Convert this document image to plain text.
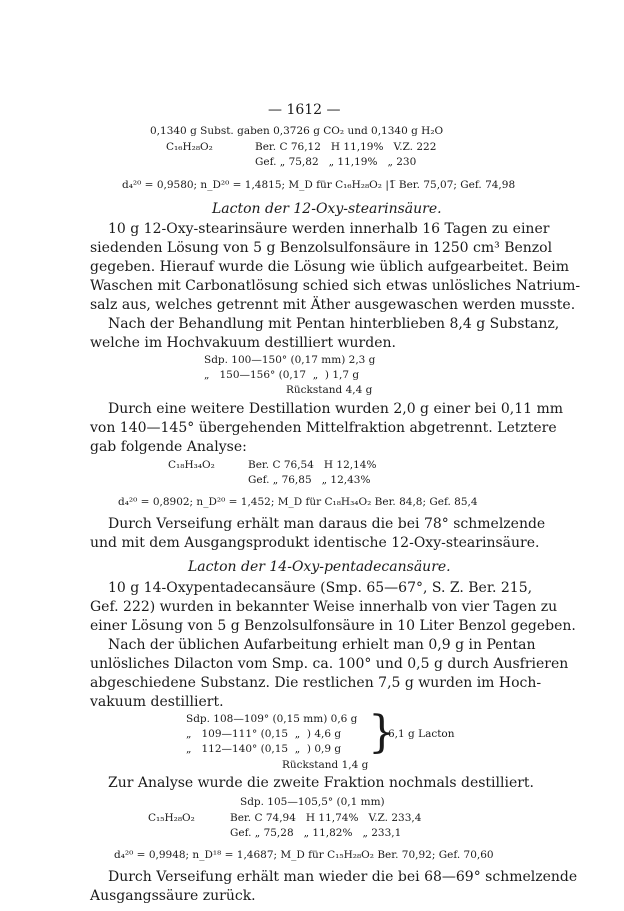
— 1612 —
0,1340 g Subst. gaben 0,3726 g CO₂ und 0,1340 g H₂O
C₁₆H₂₈O₂	Ber. C 76,12   H 11,19%   V.Z. 222
Gef. „ 75,82   „ 11,19%   „ 230
d₄²⁰ = 0,9580; n_D²⁰ = 1,4815; M_D für C₁₆H₂₈O₂ |1̅ Ber. 75,07; Gef. 74,98
Lacton der 12-Oxy-stearinsäure.
10 g 12-Oxy-stearinsäure werden innerhalb 16 Tagen zu einer
siedenden Lösung von 5 g Benzolsulfonsäure in 1250 cm³ Benzol
gegeben. Hierauf wurde die Lösung wie üblich aufgearbeitet. Beim
Waschen mit Carbonatlösung schied sich etwas unlösliches Natrium-
salz aus, welches getrennt mit Äther ausgewaschen werden musste.
Nach der Behandlung mit Pentan hinterblieben 8,4 g Substanz,
welche im Hochvakuum destilliert wurden.
Sdp. 100—150° (0,17 mm) 2,3 g
„   150—156° (0,17  „  ) 1,7 g
Rückstand 4,4 g
Durch eine weitere Destillation wurden 2,0 g einer bei 0,11 mm
von 140—145° übergehenden Mittelfraktion abgetrennt. Letztere
gab folgende Analyse:
C₁₈H₃₄O₂	Ber. C 76,54   H 12,14%
Gef. „ 76,85   „ 12,43%
d₄²⁰ = 0,8902; n_D²⁰ = 1,452; M_D für C₁₈H₃₄O₂ Ber. 84,8; Gef. 85,4
Durch Verseifung erhält man daraus die bei 78° schmelzende
und mit dem Ausgangsprodukt identische 12-Oxy-stearinsäure.
Lacton der 14-Oxy-pentadecansäure.
10 g 14-Oxypentadecansäure (Smp. 65—67°, S. Z. Ber. 215,
Gef. 222) wurden in bekannter Weise innerhalb von vier Tagen zu
einer Lösung von 5 g Benzolsulfonsäure in 10 Liter Benzol gegeben.
Nach der üblichen Aufarbeitung erhielt man 0,9 g in Pentan
unlösliches Dilacton vom Smp. ca. 100° und 0,5 g durch Ausfrieren
abgeschiedene Substanz. Die restlichen 7,5 g wurden im Hoch-
vakuum destilliert.
Sdp. 108—109° (0,15 mm) 0,6 g
„   109—111° (0,15  „  ) 4,6 g
„   112—140° (0,15  „  ) 0,9 g }
6,1 g Lacton
Rückstand 1,4 g
Zur Analyse wurde die zweite Fraktion nochmals destilliert.
Sdp. 105—105,5° (0,1 mm)
C₁₅H₂₈O₂	Ber. C 74,94   H 11,74%   V.Z. 233,4
Gef. „ 75,28   „ 11,82%   „ 233,1
d₄²⁰ = 0,9948; n_D¹⁸ = 1,4687; M_D für C₁₅H₂₈O₂ Ber. 70,92; Gef. 70,60
Durch Verseifung erhält man wieder die bei 68—69° schmelzende
Ausgangssäure zurück.
